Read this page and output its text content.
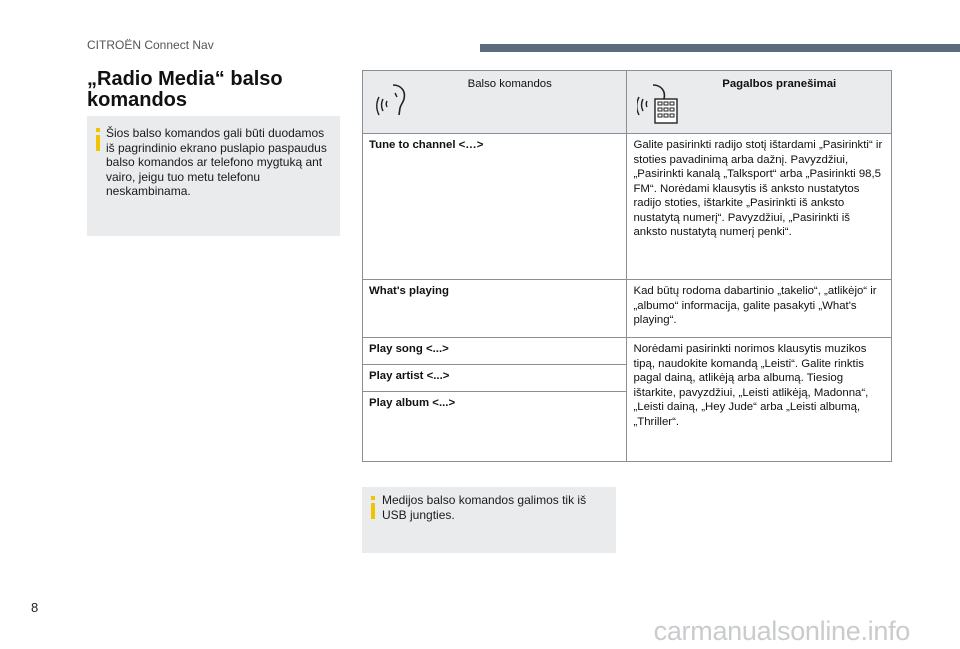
CITROËN Connect Nav
„Radio Media“ balso komandos
Šios balso komandos gali būti duodamos iš pagrindinio ekrano puslapio paspaudus balso komandos ar telefono mygtuką ant vairo, jeigu tuo metu telefonu neskambinama.
Balso komandos	Pagalbos pranešimai

Tune to channel <…>	Galite pasirinkti radijo stotį ištardami „Pasirinkti“ ir stoties pavadinimą arba dažnį. Pavyzdžiui, „Pasirinkti kanalą „Talksport“ arba „Pasirinkti 98,5 FM“. Norėdami klausytis iš anksto nustatytos radijo stoties, ištarkite „Pasirinkti iš anksto nustatytą numerį“. Pavyzdžiui, „Pasirinkti iš anksto nustatytą numerį penki“.
What's playing	Kad būtų rodoma dabartinio „takelio“, „atlikėjo“ ir „albumo“ informacija, galite pasakyti „What's playing“.
Play song <...>	Norėdami pasirinkti norimos klausytis muzikos tipą, naudokite komandą „Leisti“. Galite rinktis pagal dainą, atlikėją arba albumą. Tiesiog ištarkite, pavyzdžiui, „Leisti atlikėją, Madonna“, „Leisti dainą, „Hey Jude“ arba „Leisti albumą, „Thriller“.
Play artist <...>	
Play album <...>	
Medijos balso komandos galimos tik iš USB jungties.
8
carmanualsonline.info
